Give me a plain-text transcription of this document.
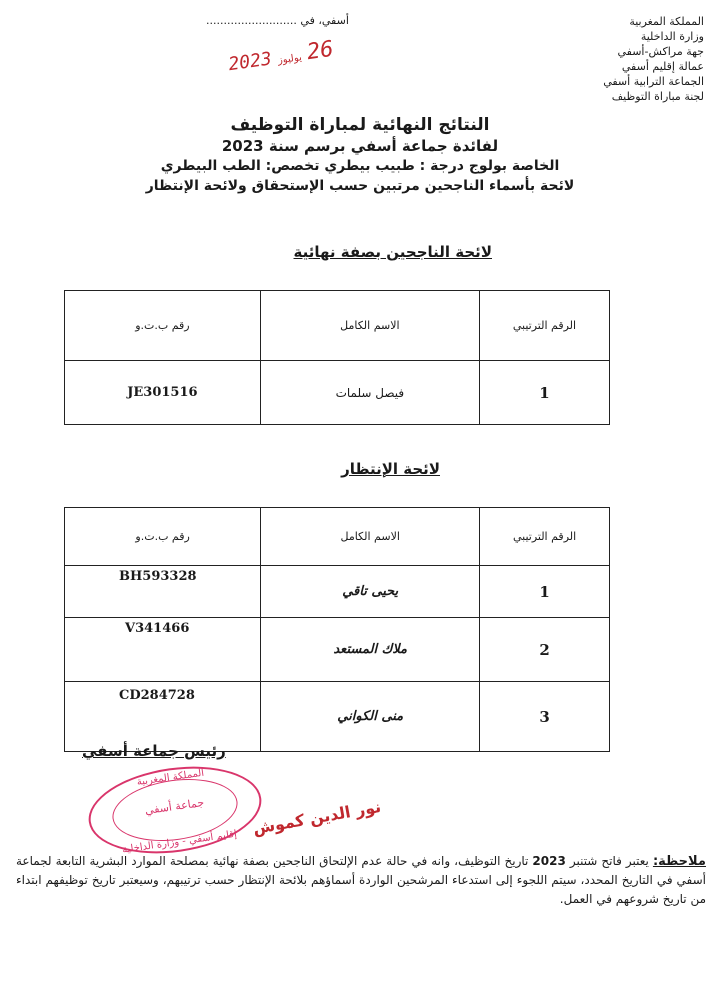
المملكة المغربية
وزارة الداخلية
جهة مراكش-أسفي
عمالة إقليم أسفي
الجماعة الترابية أسفي
لجنة مباراة التوظيف
أسفي، في ..........................
2023 يوليوز 26
النتائج النهائية لمباراة التوظيف
لفائدة جماعة أسفي برسم سنة 2023
الخاصة بولوج درجة : طبيب بيطري تخصص: الطب البيطري
لائحة بأسماء الناجحين مرتبين حسب الإستحقاق ولائحة الإنتظار
لائحة الناجحين بصفة نهائية
الرقم الترتيبي	الاسم الكامل	رقم ب.ت.و
1	فيصل سلمات	JE301516
لائحة الإنتظار
الرقم الترتيبي	الاسم الكامل	رقم ب.ت.و
1	يحيى تاقي	BH593328
2	ملاك المستعد	V341466
3	منى الكواني	CD284728
رئيس جماعة أسفي
المملكة المغربية
جماعة أسفي
إقليم أسفي - وزارة الداخلية
نور الدين كموش
ملاحظة: يعتبر فاتح شتنبر 2023 تاريخ التوظيف، وانه في حالة عدم الإلتحاق الناجحين بصفة نهائية بمصلحة الموارد البشرية التابعة لجماعة أسفي في التاريخ المحدد، سيتم اللجوء إلى استدعاء المرشحين الواردة أسماؤهم بلائحة الإنتظار حسب ترتيبهم، وسيعتبر تاريخ توظيفهم ابتداء من تاريخ شروعهم في العمل.
